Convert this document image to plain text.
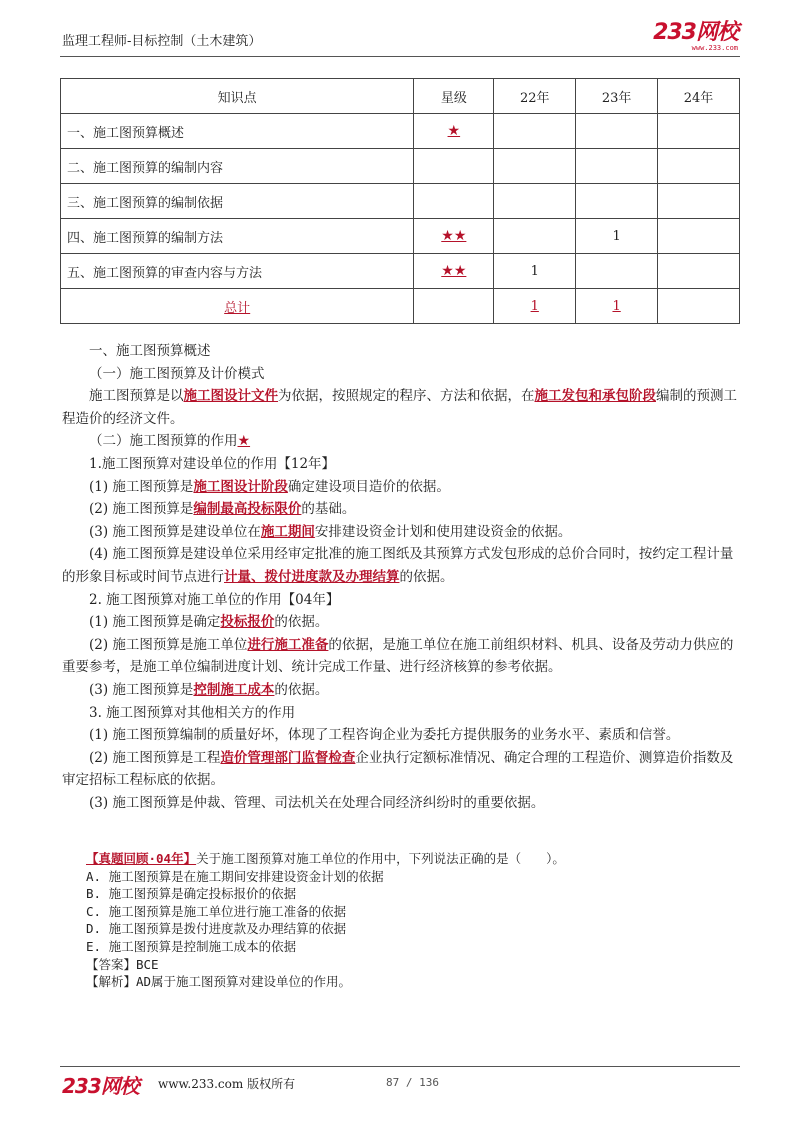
监理工程师-目标控制（土木建筑）	233网校
www.233.com
知识点	星级	22年	23年	24年
一、施工图预算概述	★			
二、施工图预算的编制内容				
三、施工图预算的编制依据				
四、施工图预算的编制方法	★★		1	
五、施工图预算的审查内容与方法	★★	1		
总计		1	1	

一、施工图预算概述

（一）施工图预算及计价模式

施工图预算是以施工图设计文件为依据，按照规定的程序、方法和依据，在施工发包和承包阶段编制的预测工程造价的经济文件。

（二）施工图预算的作用★

1.施工图预算对建设单位的作用【12年】

(1) 施工图预算是施工图设计阶段确定建设项目造价的依据。

(2) 施工图预算是编制最高投标限价的基础。

(3) 施工图预算是建设单位在施工期间安排建设资金计划和使用建设资金的依据。

(4) 施工图预算是建设单位采用经审定批准的施工图纸及其预算方式发包形成的总价合同时，按约定工程计量的形象目标或时间节点进行计量、拨付进度款及办理结算的依据。

2. 施工图预算对施工单位的作用【04年】

(1) 施工图预算是确定投标报价的依据。

(2) 施工图预算是施工单位进行施工准备的依据，是施工单位在施工前组织材料、机具、设备及劳动力供应的重要参考，是施工单位编制进度计划、统计完成工作量、进行经济核算的参考依据。

(3) 施工图预算是控制施工成本的依据。

3. 施工图预算对其他相关方的作用

(1) 施工图预算编制的质量好坏，体现了工程咨询企业为委托方提供服务的业务水平、素质和信誉。

(2) 施工图预算是工程造价管理部门监督检查企业执行定额标准情况、确定合理的工程造价、测算造价指数及审定招标工程标底的依据。

(3) 施工图预算是仲裁、管理、司法机关在处理合同经济纠纷时的重要依据。

【真题回顾·04年】关于施工图预算对施工单位的作用中，下列说法正确的是（　　）。

A. 施工图预算是在施工期间安排建设资金计划的依据

B. 施工图预算是确定投标报价的依据

C. 施工图预算是施工单位进行施工准备的依据

D. 施工图预算是拨付进度款及办理结算的依据

E. 施工图预算是控制施工成本的依据

【答案】BCE

【解析】AD属于施工图预算对建设单位的作用。

233网校 www.233.com 版权所有	87 / 136
